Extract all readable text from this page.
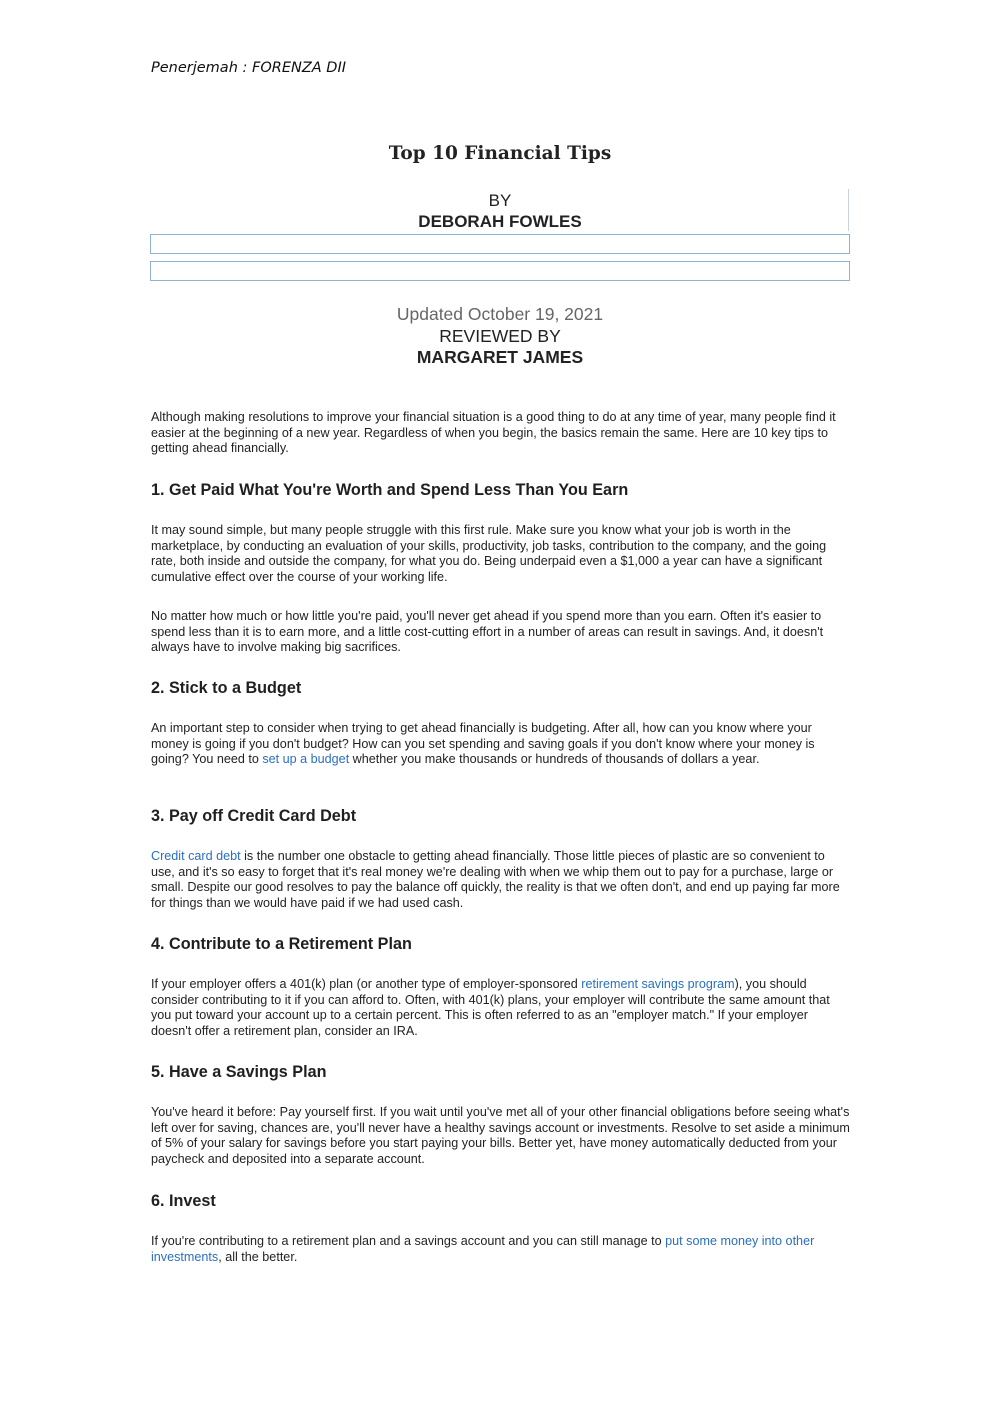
Penerjemah : FORENZA DII
Top 10 Financial Tips
BY
DEBORAH FOWLES
Updated October 19, 2021
REVIEWED BY
MARGARET JAMES

Although making resolutions to improve your financial situation is a good thing to do at any time of year, many people find it easier at the beginning of a new year. Regardless of when you begin, the basics remain the same. Here are 10 key tips to getting ahead financially.

1. Get Paid What You're Worth and Spend Less Than You Earn

It may sound simple, but many people struggle with this first rule. Make sure you know what your job is worth in the marketplace, by conducting an evaluation of your skills, productivity, job tasks, contribution to the company, and the going rate, both inside and outside the company, for what you do. Being underpaid even a $1,000 a year can have a significant cumulative effect over the course of your working life.

No matter how much or how little you're paid, you'll never get ahead if you spend more than you earn. Often it's easier to spend less than it is to earn more, and a little cost-cutting effort in a number of areas can result in savings. And, it doesn't always have to involve making big sacrifices.

2. Stick to a Budget

An important step to consider when trying to get ahead financially is budgeting. After all, how can you know where your money is going if you don't budget? How can you set spending and saving goals if you don't know where your money is going? You need to set up a budget whether you make thousands or hundreds of thousands of dollars a year.

3. Pay off Credit Card Debt

Credit card debt is the number one obstacle to getting ahead financially. Those little pieces of plastic are so convenient to use, and it's so easy to forget that it's real money we're dealing with when we whip them out to pay for a purchase, large or small. Despite our good resolves to pay the balance off quickly, the reality is that we often don't, and end up paying far more for things than we would have paid if we had used cash.

4. Contribute to a Retirement Plan

If your employer offers a 401(k) plan (or another type of employer-sponsored retirement savings program), you should consider contributing to it if you can afford to. Often, with 401(k) plans, your employer will contribute the same amount that you put toward your account up to a certain percent. This is often referred to as an "employer match." If your employer doesn't offer a retirement plan, consider an IRA.

5. Have a Savings Plan

You've heard it before: Pay yourself first. If you wait until you've met all of your other financial obligations before seeing what's left over for saving, chances are, you'll never have a healthy savings account or investments. Resolve to set aside a minimum of 5% of your salary for savings before you start paying your bills. Better yet, have money automatically deducted from your paycheck and deposited into a separate account.

6. Invest

If you're contributing to a retirement plan and a savings account and you can still manage to put some money into other investments, all the better.
